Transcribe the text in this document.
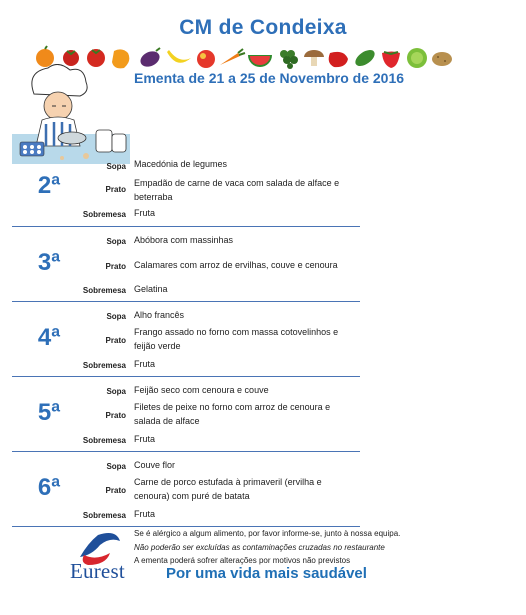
CM de Condeixa
Ementa de 21 a 25 de Novembro de 2016
2ª
Sopa Macedónia de legumes
Prato
Empadão de carne de vaca com salada de alface e beterraba
Sobremesa Fruta
3ª
Sopa Abóbora com massinhas
Prato Calamares com arroz de ervilhas, couve e cenoura
Sobremesa Gelatina
4ª
Sopa Alho francês
Prato
Frango assado no forno com massa cotovelinhos e feijão verde
Sobremesa Fruta
5ª
Sopa Feijão seco com cenoura e couve
Prato
Filetes de peixe no forno com arroz de cenoura e salada de alface
Sobremesa Fruta
6ª
Sopa Couve flor
Prato
Carne de porco estufada à primaveril (ervilha e cenoura) com puré de batata
Sobremesa Fruta
Se é alérgico a algum alimento, por favor informe-se, junto à nossa equipa.
Não poderão ser excluídas as contaminações cruzadas no restaurante
A ementa poderá sofrer alterações por motivos não previstos
Eurest	Por uma vida mais saudável
